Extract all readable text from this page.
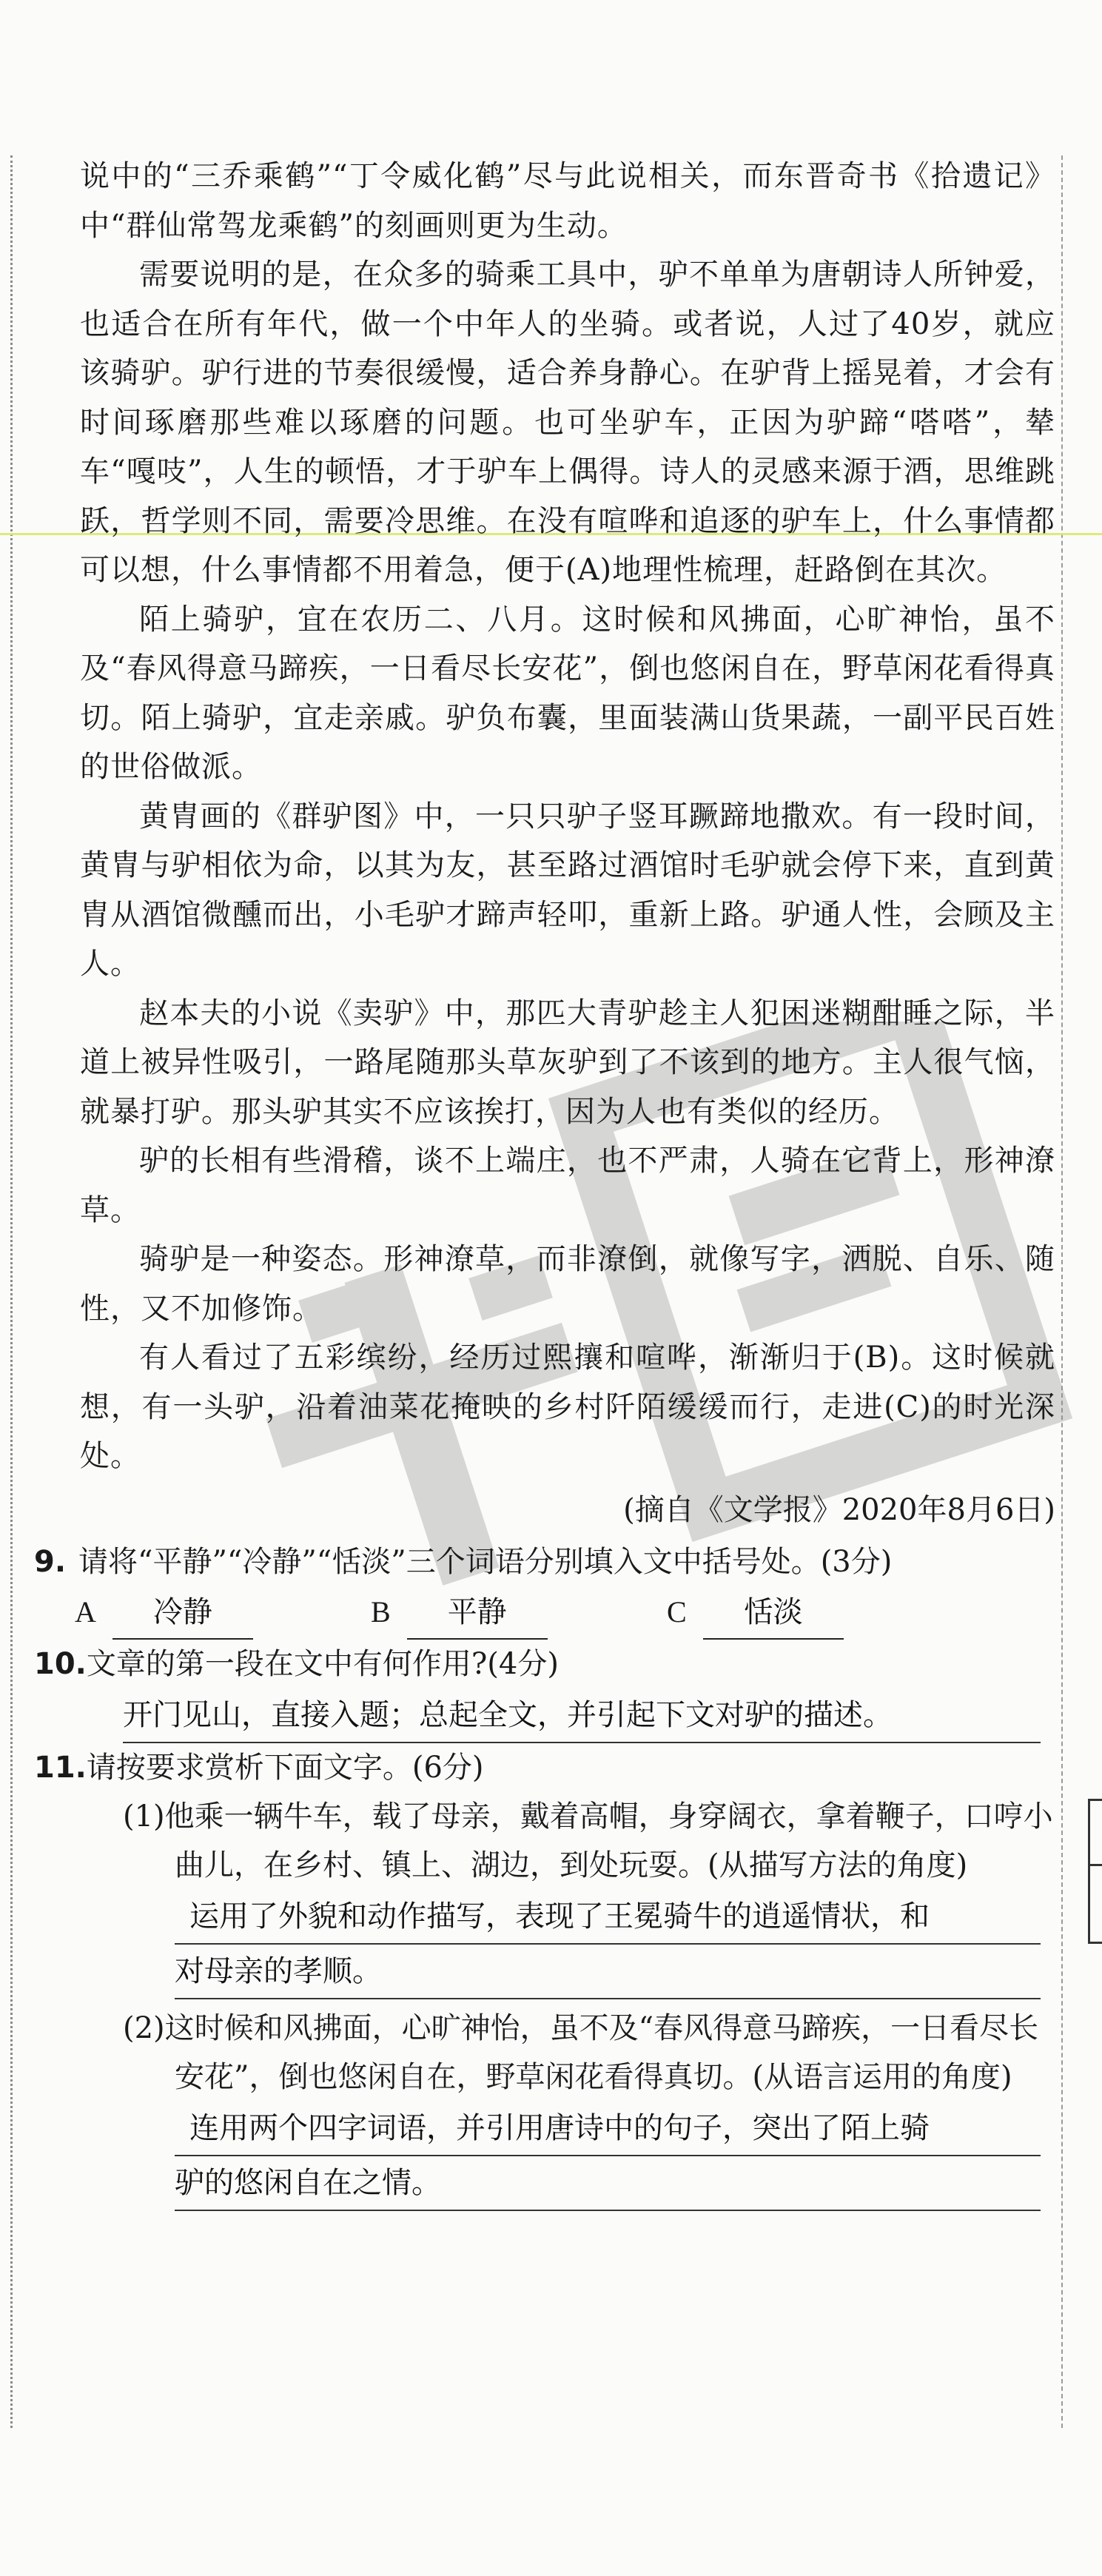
说中的“三乔乘鹤”“丁令威化鹤”尽与此说相关，而东晋奇书《拾遗记》中“群仙常驾龙乘鹤”的刻画则更为生动。

需要说明的是，在众多的骑乘工具中，驴不单单为唐朝诗人所钟爱，也适合在所有年代，做一个中年人的坐骑。或者说，人过了40岁，就应该骑驴。驴行进的节奏很缓慢，适合养身静心。在驴背上摇晃着，才会有时间琢磨那些难以琢磨的问题。也可坐驴车，正因为驴蹄“嗒嗒”，辇车“嘎吱”，人生的顿悟，才于驴车上偶得。诗人的灵感来源于酒，思维跳跃，哲学则不同，需要冷思维。在没有喧哗和追逐的驴车上，什么事情都可以想，什么事情都不用着急，便于(A)地理性梳理，赶路倒在其次。

陌上骑驴，宜在农历二、八月。这时候和风拂面，心旷神怡，虽不及“春风得意马蹄疾，一日看尽长安花”，倒也悠闲自在，野草闲花看得真切。陌上骑驴，宜走亲戚。驴负布囊，里面装满山货果蔬，一副平民百姓的世俗做派。

黄胄画的《群驴图》中，一只只驴子竖耳蹶蹄地撒欢。有一段时间，黄胄与驴相依为命，以其为友，甚至路过酒馆时毛驴就会停下来，直到黄胄从酒馆微醺而出，小毛驴才蹄声轻叩，重新上路。驴通人性，会顾及主人。

赵本夫的小说《卖驴》中，那匹大青驴趁主人犯困迷糊酣睡之际，半道上被异性吸引，一路尾随那头草灰驴到了不该到的地方。主人很气恼，就暴打驴。那头驴其实不应该挨打，因为人也有类似的经历。

驴的长相有些滑稽，谈不上端庄，也不严肃，人骑在它背上，形神潦草。

骑驴是一种姿态。形神潦草，而非潦倒，就像写字，洒脱、自乐、随性，又不加修饰。

有人看过了五彩缤纷，经历过熙攘和喧哗，渐渐归于(B)。这时候就想，有一头驴，沿着油菜花掩映的乡村阡陌缓缓而行，走进(C)的时光深处。

(摘自《文学报》2020年8月6日)

9. 请将“平静”“冷静”“恬淡”三个词语分别填入文中括号处。(3分)

A	冷静	B	平静	C	恬淡

10.文章的第一段在文中有何作用?(4分)

开门见山，直接入题；总起全文，并引起下文对驴的描述。

11.请按要求赏析下面文字。(6分)

(1)他乘一辆牛车，载了母亲，戴着高帽，身穿阔衣，拿着鞭子，口哼小曲儿，在乡村、镇上、湖边，到处玩耍。(从描写方法的角度)

运用了外貌和动作描写，表现了王冕骑牛的逍遥情状，和
对母亲的孝顺。

(2)这时候和风拂面，心旷神怡，虽不及“春风得意马蹄疾，一日看尽长安花”，倒也悠闲自在，野草闲花看得真切。(从语言运用的角度)

连用两个四字词语，并引用唐诗中的句子，突出了陌上骑
驴的悠闲自在之情。
